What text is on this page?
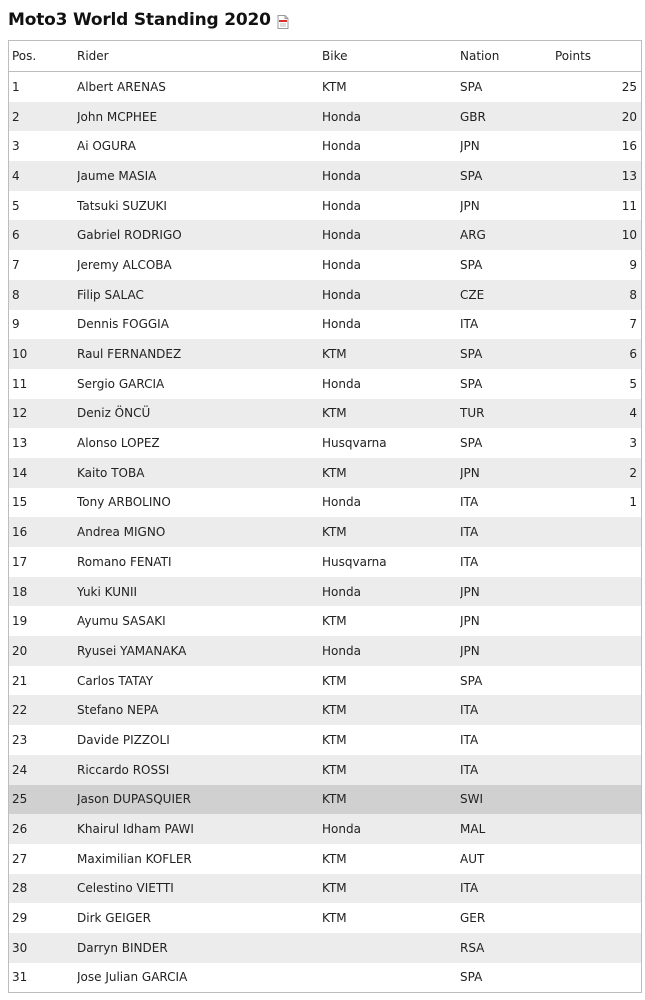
Moto3 World Standing 2020
Pos.	Rider	Bike	Nation	Points
1	Albert ARENAS	KTM	SPA	25
2	John MCPHEE	Honda	GBR	20
3	Ai OGURA	Honda	JPN	16
4	Jaume MASIA	Honda	SPA	13
5	Tatsuki SUZUKI	Honda	JPN	11
6	Gabriel RODRIGO	Honda	ARG	10
7	Jeremy ALCOBA	Honda	SPA	9
8	Filip SALAC	Honda	CZE	8
9	Dennis FOGGIA	Honda	ITA	7
10	Raul FERNANDEZ	KTM	SPA	6
11	Sergio GARCIA	Honda	SPA	5
12	Deniz ÖNCÜ	KTM	TUR	4
13	Alonso LOPEZ	Husqvarna	SPA	3
14	Kaito TOBA	KTM	JPN	2
15	Tony ARBOLINO	Honda	ITA	1
16	Andrea MIGNO	KTM	ITA	
17	Romano FENATI	Husqvarna	ITA	
18	Yuki KUNII	Honda	JPN	
19	Ayumu SASAKI	KTM	JPN	
20	Ryusei YAMANAKA	Honda	JPN	
21	Carlos TATAY	KTM	SPA	
22	Stefano NEPA	KTM	ITA	
23	Davide PIZZOLI	KTM	ITA	
24	Riccardo ROSSI	KTM	ITA	
25	Jason DUPASQUIER	KTM	SWI	
26	Khairul Idham PAWI	Honda	MAL	
27	Maximilian KOFLER	KTM	AUT	
28	Celestino VIETTI	KTM	ITA	
29	Dirk GEIGER	KTM	GER	
30	Darryn BINDER		RSA	
31	Jose Julian GARCIA		SPA	
